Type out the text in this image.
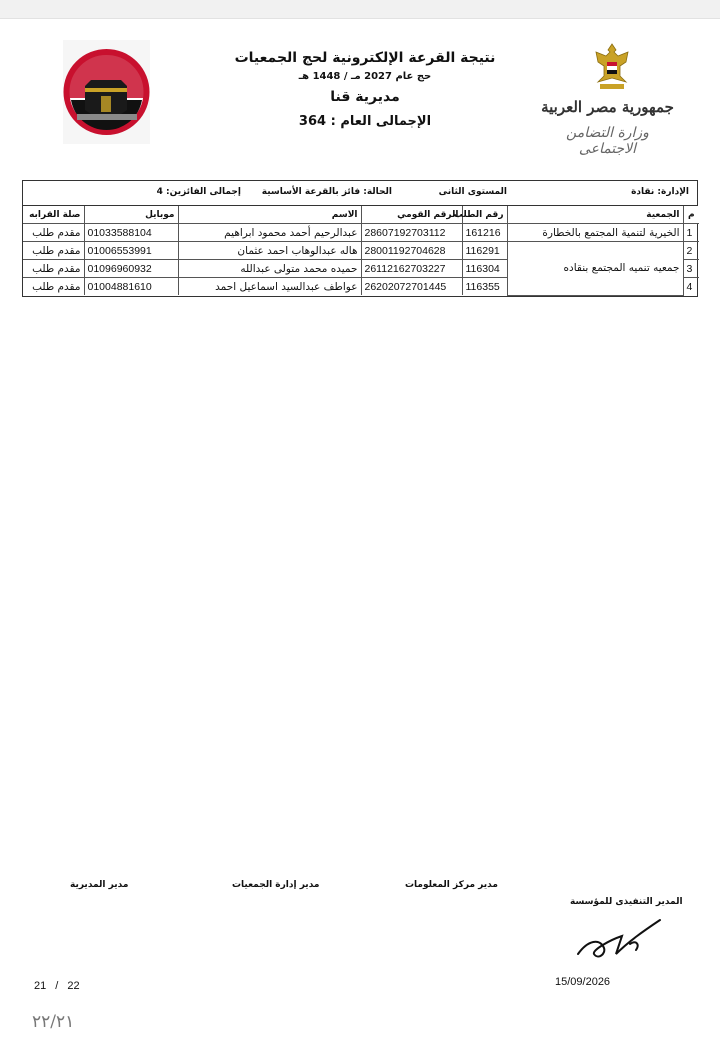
جمهورية مصر العربية
وزارة التضامن الاجتماعى
نتيجة القرعة الإلكترونية لحج الجمعيات
حج عام 2027 مـ / 1448 هـ
مديرية قنا
الإجمالى العام : 364
الإدارة: نقادة
المستوى الثانى
الحالة: فائز بالقرعة الأساسية
إجمالى الفائزين: 4
صلة القرابه	موبايل	الاسم	الرقم القومي	رقم الطلب	الجمعية	م
مقدم طلب	01033588104	عبدالرحيم أحمد محمود ابراهيم	28607192703112	161216	الخيرية لتنمية المجتمع بالخطارة	1
مقدم طلب	01006553991	هاله عبدالوهاب احمد عثمان	28001192704628	116291	جمعيه تنميه المجتمع بنقاده	2
مقدم طلب	01096960932	حميده محمد متولى عبدالله	26112162703227	116304		3
مقدم طلب	01004881610	عواطف عبدالسيد اسماعيل احمد	26202072701445	116355		4
مدير المديرية	مدير إدارة الجمعيات	مدير مركز المعلومات
المدير التنفيذى للمؤسسة
15/09/2026
21 / 22
٢٢/٢١
